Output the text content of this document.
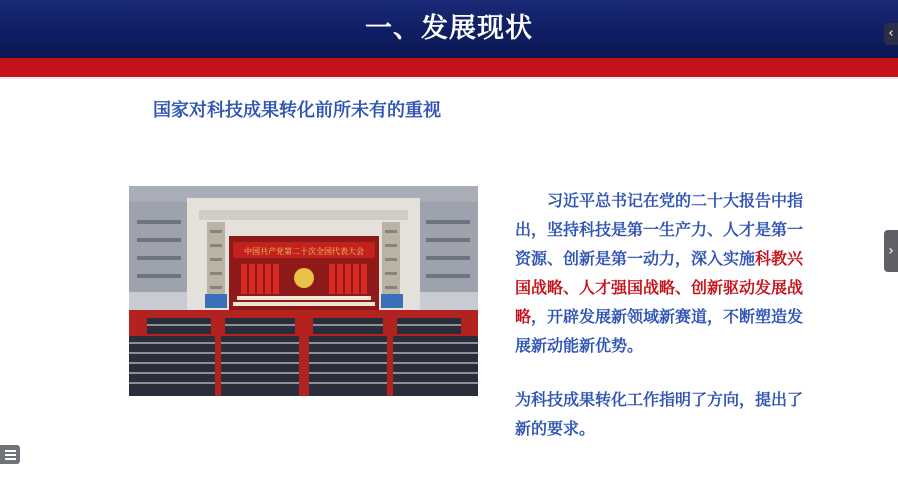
一、发展现状	‹
国家对科技成果转化前所未有的重视
中国共产党第二十次全国代表大会

习近平总书记在党的二十大报告中指出，坚持科技是第一生产力、人才是第一资源、创新是第一动力，深入实施科教兴国战略、人才强国战略、创新驱动发展战略，开辟发展新领域新赛道，不断塑造发展新动能新优势。

为科技成果转化工作指明了方向，提出了新的要求。

›
